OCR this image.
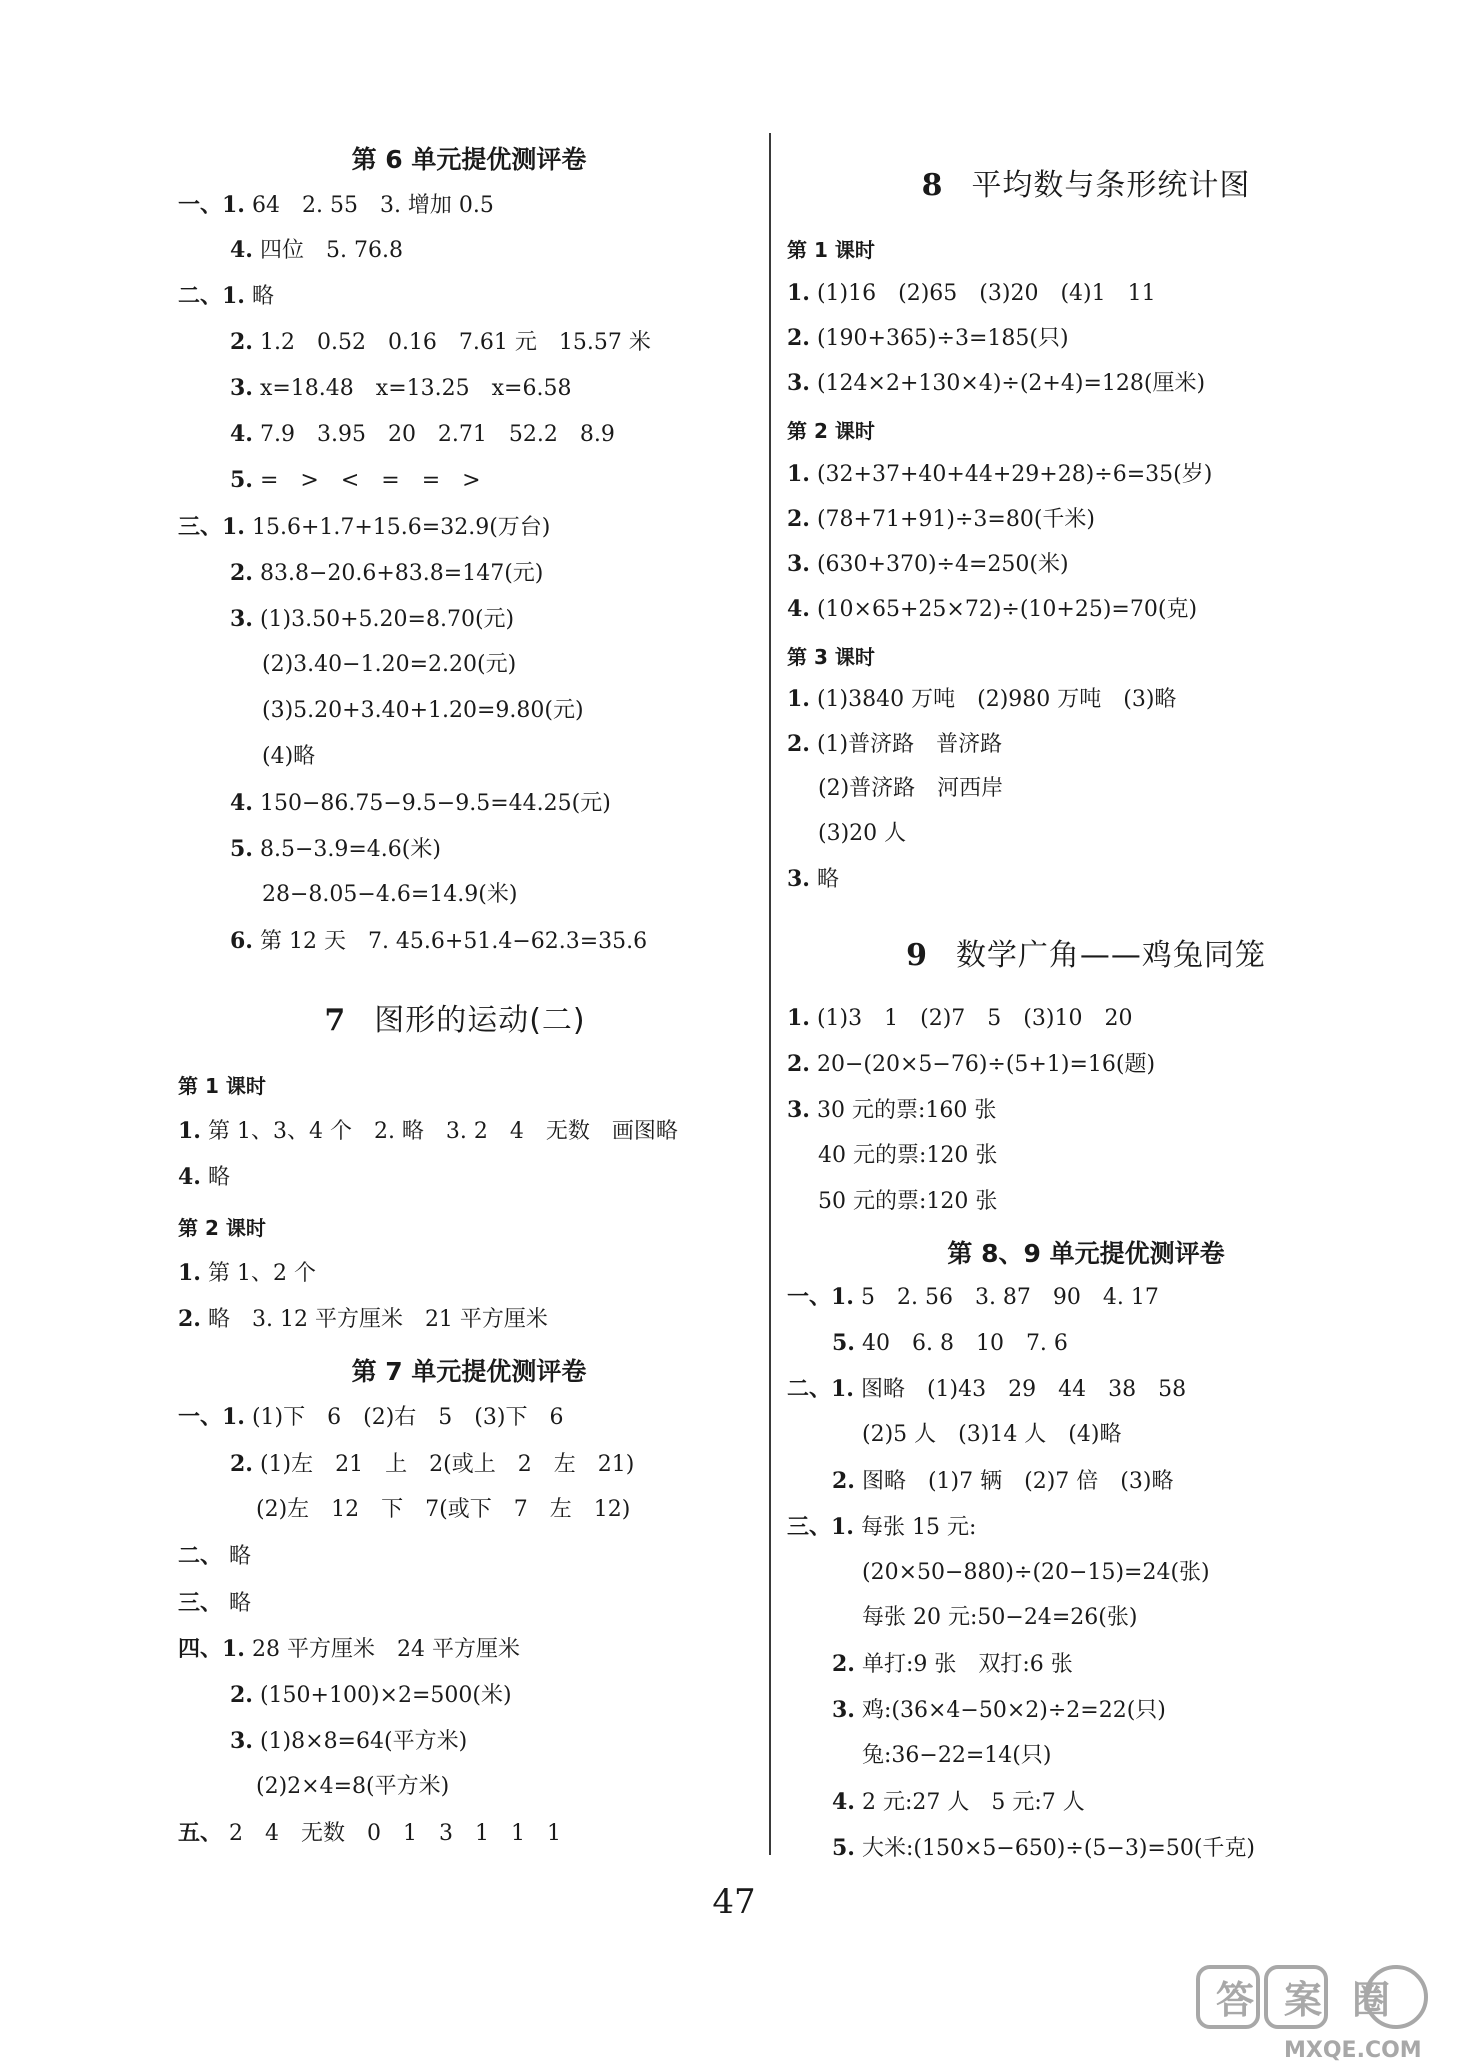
第 6 单元提优测评卷
一、1. 64　2. 55　3. 增加 0.5
4. 四位　5. 76.8
二、1. 略
2. 1.2　0.52　0.16　7.61 元　15.57 米
3. x=18.48　x=13.25　x=6.58
4. 7.9　3.95　20　2.71　52.2　8.9
5. =　>　<　=　=　>
三、1. 15.6+1.7+15.6=32.9(万台)
2. 83.8−20.6+83.8=147(元)
3. (1)3.50+5.20=8.70(元)
(2)3.40−1.20=2.20(元)
(3)5.20+3.40+1.20=9.80(元)
(4)略
4. 150−86.75−9.5−9.5=44.25(元)
5. 8.5−3.9=4.6(米)
28−8.05−4.6=14.9(米)
6. 第 12 天　7. 45.6+51.4−62.3=35.6
7 图形的运动(二)
第 1 课时
1. 第 1、3、4 个　2. 略　3. 2　4　无数　画图略
4. 略
第 2 课时
1. 第 1、2 个
2. 略　3. 12 平方厘米　21 平方厘米
第 7 单元提优测评卷
一、1. (1)下　6　(2)右　5　(3)下　6
2. (1)左　21　上　2(或上　2　左　21)
(2)左　12　下　7(或下　7　左　12)
二、 略
三、 略
四、1. 28 平方厘米　24 平方厘米
2. (150+100)×2=500(米)
3. (1)8×8=64(平方米)
(2)2×4=8(平方米)
五、 2　4　无数　0　1　3　1　1　1
8 平均数与条形统计图
第 1 课时
1. (1)16　(2)65　(3)20　(4)1　11
2. (190+365)÷3=185(只)
3. (124×2+130×4)÷(2+4)=128(厘米)
第 2 课时
1. (32+37+40+44+29+28)÷6=35(岁)
2. (78+71+91)÷3=80(千米)
3. (630+370)÷4=250(米)
4. (10×65+25×72)÷(10+25)=70(克)
第 3 课时
1. (1)3840 万吨　(2)980 万吨　(3)略
2. (1)普济路　普济路
(2)普济路　河西岸
(3)20 人
3. 略
9 数学广角——鸡兔同笼
1. (1)3　1　(2)7　5　(3)10　20
2. 20−(20×5−76)÷(5+1)=16(题)
3. 30 元的票:160 张
40 元的票:120 张
50 元的票:120 张
第 8、9 单元提优测评卷
一、1. 5　2. 56　3. 87　90　4. 17
5. 40　6. 8　10　7. 6
二、1. 图略　(1)43　29　44　38　58
(2)5 人　(3)14 人　(4)略
2. 图略　(1)7 辆　(2)7 倍　(3)略
三、1. 每张 15 元:
(20×50−880)÷(20−15)=24(张)
每张 20 元:50−24=26(张)
2. 单打:9 张　双打:6 张
3. 鸡:(36×4−50×2)÷2=22(只)
兔:36−22=14(只)
4. 2 元:27 人　5 元:7 人
5. 大米:(150×5−650)÷(5−3)=50(千克)
47
答案圈
MXQE.COM
